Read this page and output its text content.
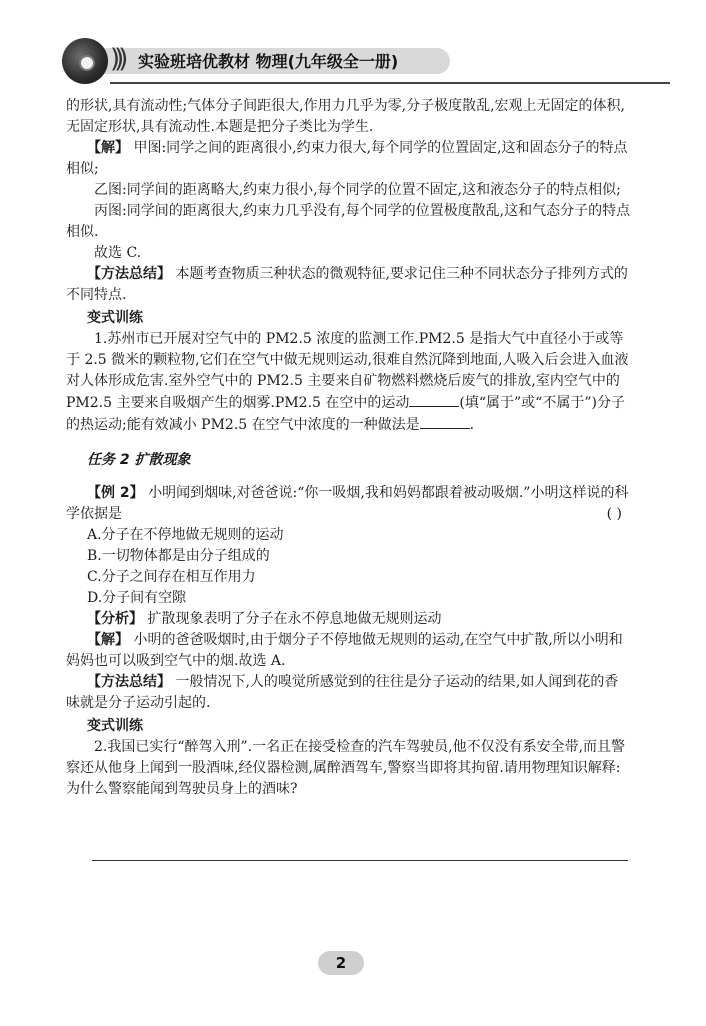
))) 实验班培优教材 物理(九年级全一册)

的形状,具有流动性;气体分子间距很大,作用力几乎为零,分子极度散乱,宏观上无固定的体积,无固定形状,具有流动性.本题是把分子类比为学生.

【解】 甲图:同学之间的距离很小,约束力很大,每个同学的位置固定,这和固态分子的特点相似;

乙图:同学间的距离略大,约束力很小,每个同学的位置不固定,这和液态分子的特点相似;

丙图:同学间的距离很大,约束力几乎没有,每个同学的位置极度散乱,这和气态分子的特点相似.

故选 C.

【方法总结】 本题考查物质三种状态的微观特征,要求记住三种不同状态分子排列方式的不同特点.

变式训练

1.苏州市已开展对空气中的 PM2.5 浓度的监测工作.PM2.5 是指大气中直径小于或等于 2.5 微米的颗粒物,它们在空气中做无规则运动,很难自然沉降到地面,人吸入后会进入血液对人体形成危害.室外空气中的 PM2.5 主要来自矿物燃料燃烧后废气的排放,室内空气中的 PM2.5 主要来自吸烟产生的烟雾.PM2.5 在空中的运动	(填“属于”或“不属于”)分子的热运动;能有效减小 PM2.5 在空气中浓度的一种做法是	.

任务 2 扩散现象

【例 2】 小明闻到烟味,对爸爸说:“你一吸烟,我和妈妈都跟着被动吸烟.”小明这样说的科学依据是	( )

A.分子在不停地做无规则的运动

B.一切物体都是由分子组成的

C.分子之间存在相互作用力

D.分子间有空隙

【分析】 扩散现象表明了分子在永不停息地做无规则运动

【解】 小明的爸爸吸烟时,由于烟分子不停地做无规则的运动,在空气中扩散,所以小明和妈妈也可以吸到空气中的烟.故选 A.

【方法总结】 一般情况下,人的嗅觉所感觉到的往往是分子运动的结果,如人闻到花的香味就是分子运动引起的.

变式训练

2.我国已实行“醉驾入刑”.一名正在接受检查的汽车驾驶员,他不仅没有系安全带,而且警察还从他身上闻到一股酒味,经仪器检测,属醉酒驾车,警察当即将其拘留.请用物理知识解释:为什么警察能闻到驾驶员身上的酒味?

2
